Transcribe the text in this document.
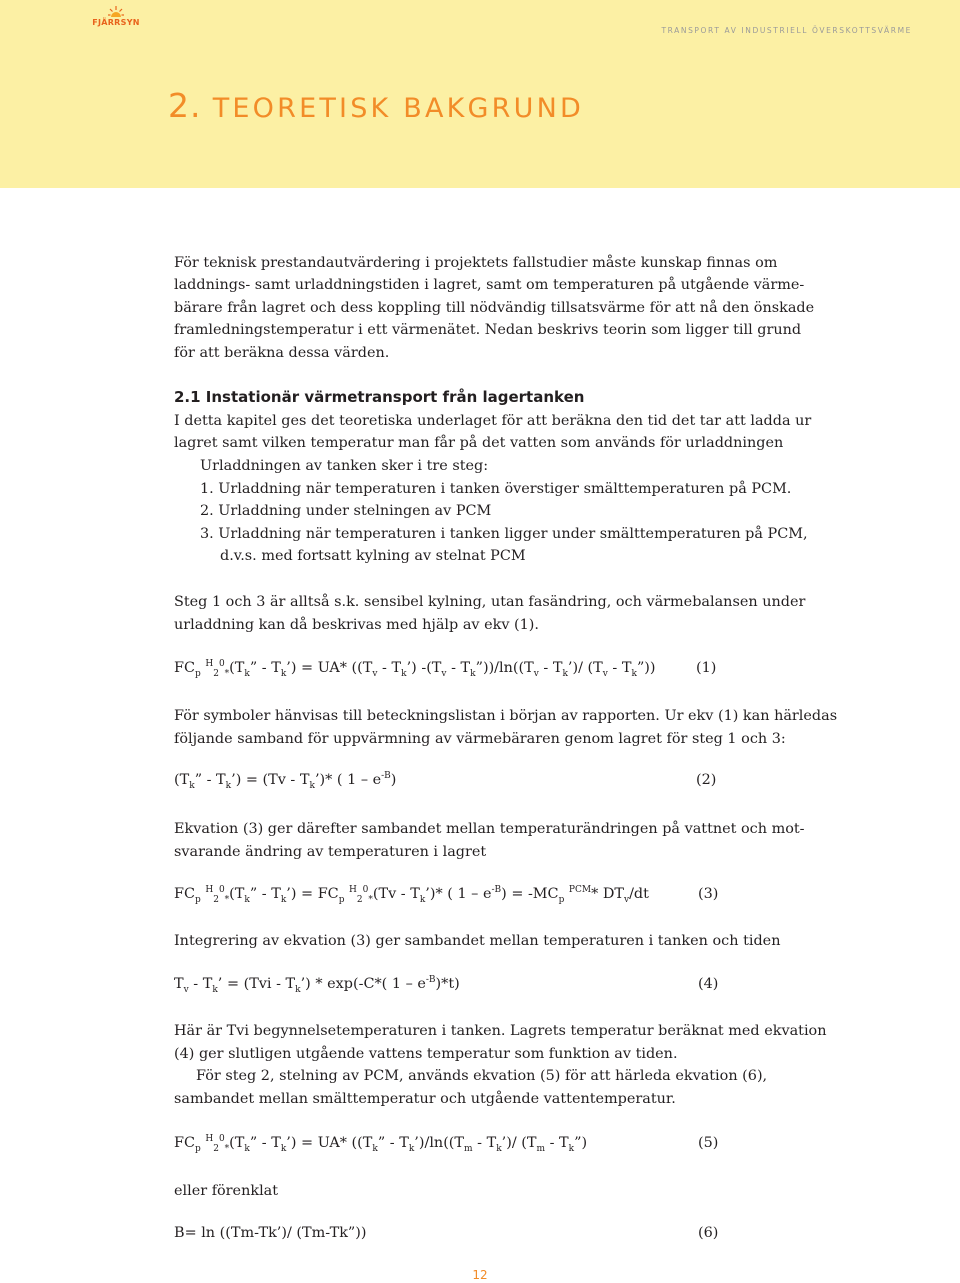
FJÄRRSYN
TRANSPORT AV INDUSTRIELL ÖVERSKOTTSVÄRME
2. TEORETISK BAKGRUND
För teknisk prestandautvärdering i projektets fallstudier måste kunskap finnas om
laddnings- samt urladdningstiden i lagret, samt om temperaturen på utgående värme-
bärare från lagret och dess koppling till nödvändig tillsatsvärme för att nå den önskade
framledningstemperatur i ett värmenätet. Nedan beskrivs teorin som ligger till grund
för att beräkna dessa värden.
2.1 Instationär värmetransport från lagertanken
I detta kapitel ges det teoretiska underlaget för att beräkna den tid det tar att ladda ur
lagret samt vilken temperatur man får på det vatten som används för urladdningen
Urladdningen av tanken sker i tre steg:
1. Urladdning när temperaturen i tanken överstiger smälttemperaturen på PCM.
2. Urladdning under stelningen av PCM
3. Urladdning när temperaturen i tanken ligger under smälttemperaturen på PCM,
d.v.s. med fortsatt kylning av stelnat PCM
Steg 1 och 3 är alltså s.k. sensibel kylning, utan fasändring, och värmebalansen under
urladdning kan då beskrivas med hjälp av ekv (1).
$FC_p$ $^H_2^0_*(T_k$” - $T_k’) = UA*$ (($T_v$ - $T_k$’) $-(T_v$ - $T_k”))/\ln((T_v$ - $T_k’)/$ ($T_v$ - $T_k$”))	(1)
För symboler hänvisas till beteckningslistan i början av rapporten. Ur ekv (1) kan härledas
följande samband för uppvärmning av värmebäraren genom lagret för steg 1 och 3:
($T_k$” - $T_k’) = (Tv$ - $T_k’)*$ ( $1 - e^{-B}$)	(2)
Ekvation (3) ger därefter sambandet mellan temperaturändringen på vattnet och mot-
svarande ändring av temperaturen i lagret
$FC_p$ $^H_2^0_*(T_k$” - $T_k’) = FC_p$ $^H_2^0_*(Tv - T_k’)*$ ( $1 - e^{-B}) = -MC_p$ $^{PCM}$* $DT_v/dt$	(3)
Integrering av ekvation (3) ger sambandet mellan temperaturen i tanken och tiden
$T_v - T_k$’ = $(Tvi - T_k’) * \exp(-C*$( $1 - e^{-B})*t$)	(4)
Här är Tvi begynnelsetemperaturen i tanken. Lagrets temperatur beräknat med ekvation
(4) ger slutligen utgående vattens temperatur som funktion av tiden.
För steg 2, stelning av PCM, används ekvation (5) för att härleda ekvation (6),
sambandet mellan smälttemperatur och utgående vattentemperatur.
$FC_p$ $^H_2^0_*(T_k$” - $T_k’) = UA*$ (($T_k$” - $T_k’)/\ln((T_m$ - $T_k’)/$ ($T_m$ - $T_k$”)	(5)
eller förenklat
B= ln ((Tm-Tk’)/ (Tm-Tk”))	(6)
12
